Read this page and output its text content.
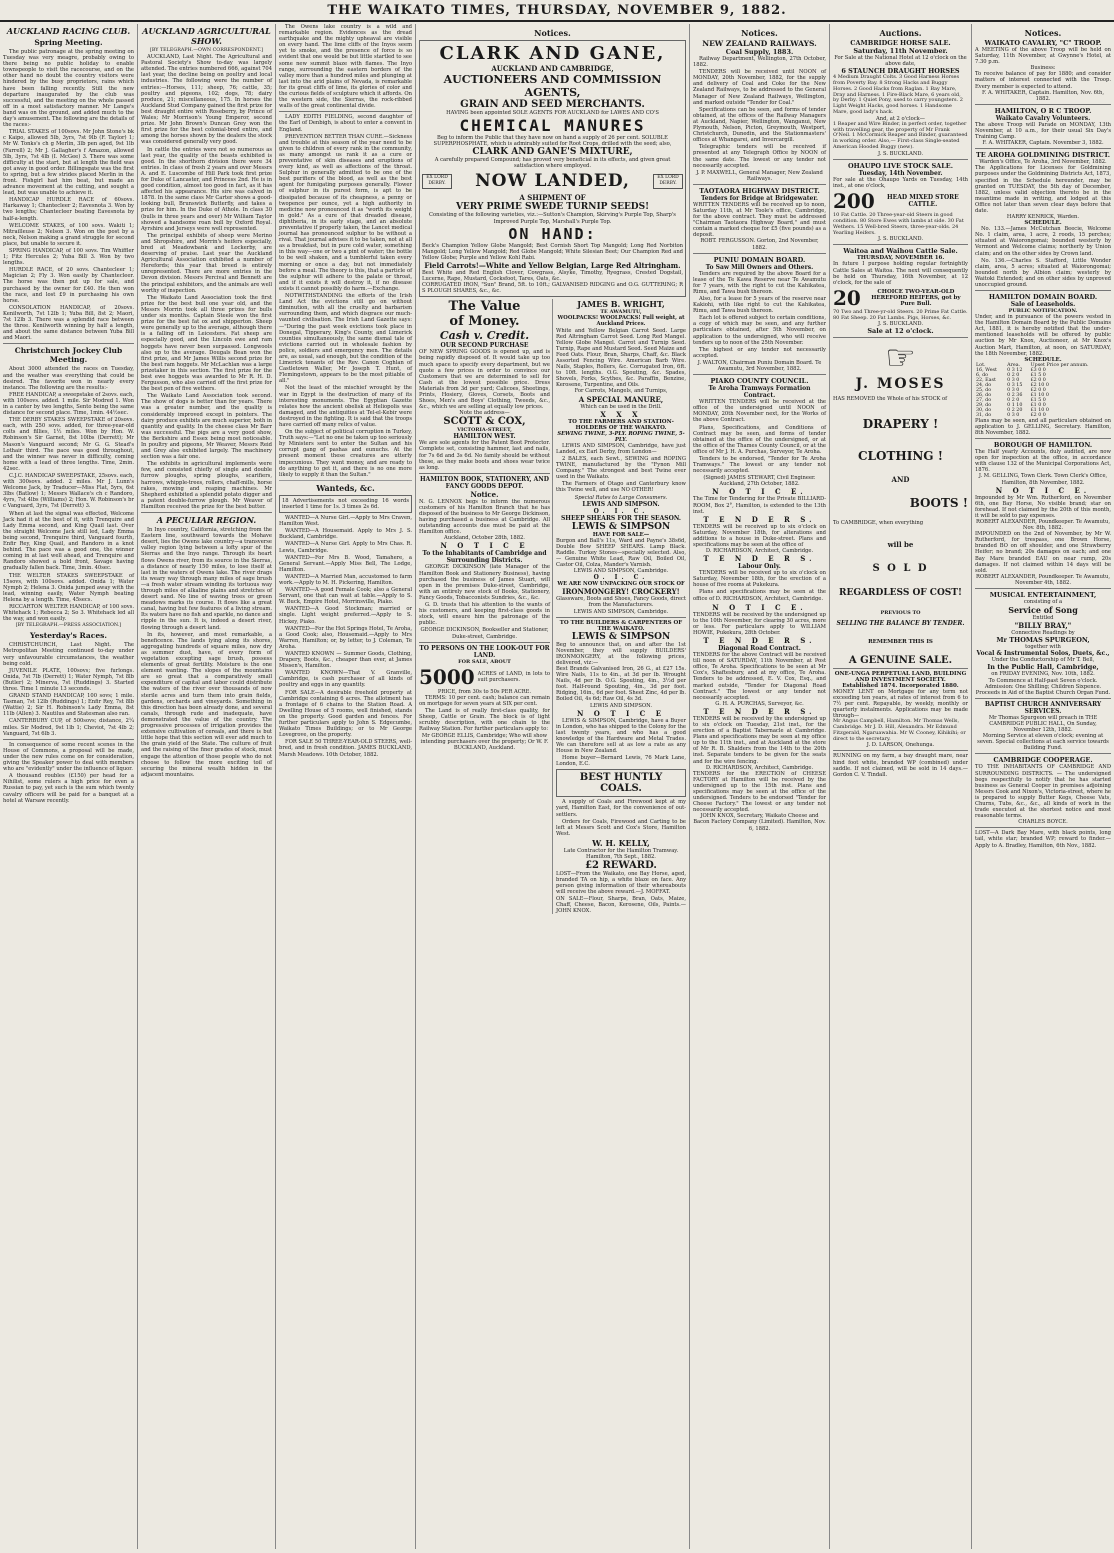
THE WAIKATO TIMES, THURSDAY, NOVEMBER 9, 1882.
AUCKLAND RACING CLUB.
Spring Meeting.

The public patronage at the spring meeting on Tuesday was very meagre, probably owing to there being no public holiday to enable townspeople to visit the racecourse, and on the other hand no doubt the country visitors were hindered by the busy proprietors, rains which have been falling recently. Still the new departure inaugurated by the club was successful, and the meeting on the whole passed off in a most satisfactory manner. Mr Lange's band was on the ground, and added much to the day's amusement. The following are the details of the races:-

TRIAL STAKES of 100sovs. Mr John Stone's bk c Kaipo, allowed 5lb, 3yrs, 7st 9lb (F. Taylor) 1; Mr W. Tonks's ch g Merlin, 3lb pen aged, 9st 1lb (Farrell) 2; Mr J. Gallagher's f Amazon, allowed 5lb, 3yrs, 7st 4lb (I. McGee) 3. There was some difficulty at the start, but at length the field was got away in good order. Billingsgate was the first to spring, but a few strides placed Merlin in the front. Fishgirl had him beat, but made an advance movement at the cutting, and sought a lead, but was unable to achieve it.

HANDICAP HURDLE RACE of 60sovs. Harkaway 1; Chantecleer 2; Eavesnota 3. Won by two lengths; Chantecleer beating Eavesnota by half-a-length.

WELCOME STAKES, of 100 sovs. Wakiti 1; Mitrailleuse 2; Nelson 3. Won on the post by a neck, Nelson making a grand struggle for second place, but unable to secure it.

SPRING HANDICAP, of 100 sovs. Tim Whiffler 1; Fitz Hercules 2; Yuba Bill 3. Won by two lengths.

HURDLE RACE, of 20 sovs. Chantecleer 1; Magician 2; Fly 3. Won easily by Chantecleer. The horse was then put up for sale, and purchased by the owner for £40. He then won the race, and lost £9 in purchasing his own horse.

CONSOLATION HANDICAP, of 20sovs. Kenilworth, 7st 12lb 1; Yuba Bill, 8st 2; Maori, 7st 12lb 3. There was a splendid race between the three. Kenilworth winning by half a length, and about the same distance between Yuba Bill and Maori.

Christchurch Jockey Club Meeting.

About 3000 attended the races on Tuesday, and the weather was everything that could be desired. The favorite won in nearly every instance. The following are the results:-

FREE HANDICAP, a sweepstake of 2sovs. each, with 100sovs. added. 1 mile. Sir Modred 1. Won in a canter by two lengths, Sento being the same distance for second place. Time, 1min. 44½sec.

THE DERBY STAKES SWEEPSTAKE of 20sovs. each, with 250 sovs. added, for three-year-old colts and fillies, 1½ miles. Won by Hon. W. Robinson's Sir Garnet, 8st 10lbs (Derrett); Mr Mason's Vanguard second; Mr G. G. Stead's Lothair third. The pace was good throughout, and the winner was never in difficulty, coming home with a lead of three lengths. Time, 2min. 42sec.

C.J.C. HANDICAP SWEEPSTAKE, 25sovs. each, with 300sovs. added. 2 miles. Mr J. Lunn's Welcome Jack, by Traducer—Miss Flat, 5yrs, 6st 3lbs (Batlow) 1; Messrs Wallace's ch c Randoro, 4yrs, 7st 4lbs (Williams) 2; Hon. W. Robinson's br c Vanguard, 3yrs, 7st (Derrett) 3.

When at last the signal was effected, Welcome Jack had it at the best of it, with Trenquire and Lady Emma second, and King Quail last. Over the straight Welcome Jack still led, Lady Emma being second, Trenquire third, Vanguard fourth, Enfir Rey, King Quail, and Randoro in a knot behind. The pace was a good one, the winner coming in at last well ahead, and Trenquire and Randoro showed a bold front, Savage having gradually fallen back. Time, 3min. 40sec.

THE WELTER STAKES SWEEPSTAKE of 15sovs, with 100sovs. added. Onida 1; Water Nymph 2; Helena 3. Onida jumped away with the lead, winning easily, Water Nymph beating Helena by a length. Time, 45secs.

RICCARTON WELTER HANDICAP, of 100 sovs. Whitehack 1; Rebecca 2; So 3. Whitehack led all the way, and won easily.

[BY TELEGRAPH.—PRESS ASSOCIATION.]
Yesterday's Races.

CHRISTCHURCH, Last Night. The Metropolitan Meeting continued to-day under very unfavourable circumstances, the weather being cold.

JUVENILE PLATE, 100sovs; five furlongs. Onida, 7st 7lb (Derrett) 1; Water Nymph, 7st 8lb (Butler) 2; Minerva, 7st (Ruddings) 3. Started three. Time 1 minute 13 seconds.

GRAND STAND HANDICAP, 100 sovs; 1 mile. Tasman, 7st 12lb (Ruddings) 1; Enfir Rey, 7st 8lb (Wattie) 2; Sir H. Robinson's Lady Emma, 8st 11lb (Allen) 3. Nautilus and Statesman also ran.

CANTERBURY CUP, of 500sovs; distance, 2¼ miles. Sir Modred, 9st 1lb 1; Cheviot, 7st 4lb 2; Vanguard, 7st 6lb 3.

In consequence of some recent scenes in the House of Commons, a proposal will be made, under the new rules come on for consideration, giving the Speaker power to deal with members who are "evidently" under the influence of liquor.

A thousand roubles (£150) per head for a Nihilist, some rulers a high price for even a Russian to pay, yet such is the sum which twenty cavalry officers will be paid for a banquet at a hotel at Warsaw recently.

AUCKLAND AGRICULTURAL SHOW.
[BY TELEGRAPH.—OWN CORRESPONDENT.]

AUCKLAND, Last Night. The Agricultural and Pastoral Society's Show to-day was largely attended. The entries numbered 666, against 704 last year, the decline being on poultry and local industries. The following were the number of entries:—Horses, 111; sheep, 76; cattle, 35; poultry and pigeons, 102; dogs, 78; dairy produce, 21; miscellaneous, 175. In horses the Auckland Stud Company gained the first prize for best draught entire with Roseberry, by Prince of Wales; Mr Morrison's Young Emperor, second prize. Mr John Brown's Duncan Grey won the first prize for the best colonial-bred entire, and among the horses shown by the dealers the stock was considered generally very good.

In cattle the entries were not so numerous as last year, the quality of the beasts exhibited is good. In the shorthorn division there were 34 entries. In class of fresh 2 years and over Messrs A. and E. Luscombe of Hill Park took first prize for Duke of Lancaster, and Princess 2nd. He is in good condition, almost too good in fact, as it has affected his appearance. His sire was calved in 1878. In the same class Mr Carter shows a good-looking bull, Brunswick Butterfly, and takes a prize for him. In the Duke of Athole. In class 30 (bulls in three years and over) Mr William Taylor showed a handsome roan bull by Oxford Royal. Ayrshire and Jerseys were well represented.

The principal exhibits of sheep were Merino and Shropshire, and Morrin's heifers especially, bred at Meadowbank and Lockerby, are deserving of praise. Last year the Auckland Agricultural Association exhibited a number of Herefords; this year that breed is entirely unrepresented. There are more entries in the Devon division. Messrs Percival and Bennett are the principal exhibitors, and the animals are well worthy of inspection.

The Waikato Land Association took the first prize for the best bull one year old, and the Messrs Morrin took all three prizes for bulls under six months. Captain Steele won the first prize for the best fat ox and shipperton. Sheep were generally up to the average, although there is a falling off in Leicesters. Fat sheep are especially good, and the Lincoln ewe and ram hoggets have never been surpassed. Longwools also up to the average. Dougals Bean won the first prize, and Mr James Willis second prize for the best ram hoggets. Mr McLachlan was a large prizetaker in this section. The first prize for the best ewe hoggets was awarded to Mr R. H. D. Fergusson, who also carried off the first prize for the best pen of five wethers.

The Waikato Land Association took second. The show of dogs is better than for years. There was a greater number, and the quality is considerably improved except in pointers. The dairy produce exhibits are much superior, both in quantity and quality. In the cheese class Mr Barr was successful. The pigs are a very good show, the Berkshire and Essex being most noticeable. In poultry and pigeons, Mr Weaver, Messrs Reid and Grey also exhibited largely. The machinery section was a fair one.

The exhibits in agricultural implements were few, and consisted chiefly of single and double furrow ploughs, spring ploughs, scarifiers, harrows, whipple-trees, rollers, chaff-mills, horse rakes, mowing and reaping machines. Mr Shepherd exhibited a splendid potato digger and a patent double-furrow plough. Mr Weaver of Hamilton received the prize for the best butter.

A PECULIAR REGION.

In Inyo country, California, stretching from the Eastern line, southward towards the Mohave desert, lies the Owens lake country—a transverse valley region lying between a lofty spur of the Sierras and the Inyo range. Through its heart flows Owens river, from its source in the Sierras, a distance of nearly 150 miles, to lose itself at last in the waters of Owens lake. The river drags its weary way through many miles of sage brush—a fresh water stream winding its tortuous way through miles of alkaline plains and stretches of desert sand. No line of waving trees or green meadows marks its course. It flows like a great canal, having but few features of a living stream. Its waters have no fish and sparkle, no dance and ripple in the sun. It is, indeed a desert river, flowing through a desert land.

In its, however, and most remarkable, a beneficence. The lands lying along its shores, aggregating hundreds of square miles, now dry as summer dust, have, of every form of vegetation excepting sage brush, possess elements of great fertility. Moisture is the one element wanting. The slopes of the mountains are so great that a comparatively small expenditure of capital and labor could distribute the waters of the river over thousands of now sterile acres and turn them into grain fields, gardens, orchards and vineyards. Something in this direction has been already done, and several canals, through rude and inadequate, have demonstrated the value of the country. The progressive processes of irrigation provides the extensive cultivation of cereals, and there is but little hope that this section will ever add much to the grain yield of the State. The culture of fruit and the raising of the finer grades of stock, must engage the attention of those people who do not choose to follow the more exciting toil of securing the mineral wealth hidden in the adjacent mountains.

The Owens lake country is a wild and remarkable region. Evidences as the dread earthquake and the mighty upheaval are visible on every hand. The lime cliffs of the Inyos seem yet to smoke, and the presence of force is so evident that one would be but little startled to see some new summit blaze with flames. The Inyo range, surrounding the eastern borders of the valley more than a hundred miles and plunging at last into the arid plains of Nevada, is remarkable for its great cliffs of lime, its glories of color and the curious fields of sculpture which it affords. On the western side, the Sierras, the rock-ribbed walls of the great continental divide.

LADY EDITH FIELDING, second daughter of the Earl of Denbigh, is about to enter a convent in England.

PREVENTION BETTER THAN CURE.—Sickness and trouble at this season of the year need to be given to children of every rank in the community, as many amongst us rank it as a cure or preventative of skin diseases and eruptions of every kind, as well as affections of the throat. Sulphur in generally admitted to be one of the best purifiers of the blood, as well as the best agent for fumigating purposes generally. Flower of sulphur in its purest form, is apt to be dissipated because of its cheapness, a penny or twopence per ounce, yet a high authority in medicine now pronounced it as "worth its weight in gold." As a cure of that dreaded disease, diphtheria, in its early stage, and an absolute preventative if properly taken, the Lancet medical journal has pronounced sulphur to be without a rival. That journal advises it to be taken, not at all as a breakfast, but in pure cold water, something in this way—one or two a pint of water; the bottle to be well shaken, and a tumblerful taken every morning or once a day, but not immediately before a meal. The theory is this, that a particle of the sulphur will adhere to the palate or throat, and if it exists it will destroy it, if no disease exists it cannot possibly do harm.—Exchange.

NOTWITHSTANDING the efforts of the Irish Land Act the evictions still go on without diminution, with all the cruelty and barbarism surrounding them, and which disgrace our much-vaunted civilisation. The Irish Land Gazette says:—"During the past week evictions took place in Donegal, Tipperary, King's County, and Limerick counties simultaneously, the same dismal tale of evictions carried out in wholesale fashion by police, soldiers and emergency men. The details are, as usual, sad enough, but the condition of the Limerick tenants of the Rev. Canon Coghlan of Castletown Waller, Mr Joseph T. Hunt, of Flemingstown, appears to be the most pitiable of all."

Not the least of the mischief wrought by the war in Egypt is the destruction of many of its interesting monuments. The Egyptian Gazette relates how the ancient obelisk at Heliopolis was damaged, and the antiquities at Tel-el-Kebir were destroyed in the fighting. It is said that the troops have carried off many relics of value.

On the subject of political corruption in Turkey, Truth says:—"Let no one be taken up too seriously by Ministers sent to enter the Sultan and his corrupt gang of pashas and eunuchs. At the present moment these creatures are utterly impecunious. They want money, and are ready to do anything to get it, and there is no one more likely to supply it than the Sultan."

Wanteds, &c.
18 Advertisements not exceeding 16 words inserted 1 time for 1s. 3 times 2s 6d.

WANTED—A Nurse Girl.—Apply to Mrs Craven, Hamilton West.

WANTED—A Housemaid. Apply to Mrs J. S. Buckland, Cambridge.

WANTED—A Nurse Girl. Apply to Mrs Chas. R. Lewis, Cambridge.

WANTED—For Mrs B. Wood, Tamahere, a General Servant.—Apply Miss Bell, The Lodge, Hamilton.

WANTED—A Married Man, accustomed to farm work.—Apply to M. H. Pickering, Hamilton.

WANTED—A good Female Cook; also a General Servant, one that can wait at table.—Apply to S. W. Buck, Empire Hotel, Morrinsville, Piako.

WANTED—A Good Stockman; married or single. Light weight preferred.—Apply to S. Hickey, Piako.

WANTED—For the Hot Springs Hotel, Te Aroha, a Good Cook; also, Housemaid.—Apply to Mrs Warren, Hamilton; or, by letter, to J. Coleman, Te Aroha.

WANTED KNOWN — Summer Goods, Clothing, Drapery, Boots, &c., cheaper than ever, at James Missen's, Hamilton.

WANTED KNOWN—That V. Granville, Cambridge, is cash purchaser of all kinds of poultry and eggs in any quantity.

FOR SALE—A desirable freehold property at Cambridge containing 6 acres. The allotment has a frontage of 6 chains to the Station Road. A Dwelling House of 5 rooms, well finished, stands on the property. Good garden and fences. For further particulars apply to John S. Edgecumbe, Waikato Times Buildings; or to Mr George Lovegrove, on the property.

FOR SALE 50 THREE-YEAR-OLD STEERS, well-bred, and in fresh condition. JAMES BUCKLAND, Marsh Meadows. 10th October, 1882.

Notices.
CLARK AND GANE,
AUCKLAND AND CAMBRIDGE,
AUCTIONEERS AND COMMISSION AGENTS,
GRAIN AND SEED MERCHANTS.
HAVING been appointed SOLE AGENTS FOR AUCKLAND for LAWES AND CO'S
CHEMICAL MANURES
Beg to inform the Public that they have now on hand a supply of 26 per cent. SOLUBLE SUPERPHOSPHATE, which is admirably suited for Root Crops, drilled with the seed; also,
CLARK AND GANE'S MIXTURE,
A carefully prepared Compound; has proved very beneficial in its effects, and given great satisfaction where employed.
EX LORD DERBY.	NOW LANDED,	EX LORD DERBY.
A SHIPMENT OF
VERY PRIME SWEDE TURNIP SEEDS!
Consisting of the following varieties, viz.:—Sutton's Champion, Skirving's Purple Top, Sharp's Improved Purple Top, Marshall's Purple Top.
ON HAND:
Beck's Champion Yellow Globe Mangold; Best Cornish Short Top Mangold; Long Red Norbiton Mangold; Long Yellow Mangold; Red Globe Mangold; White Silesian Beet; Our Champion Red and Yellow Globe; Purple and Yellow Kohl Rabi.
Field Carrots!—White and Yellow Belgian, Large Red Altringham.
Best White and Red English Clover, Cowgrass, Alsyke, Timothy, Ryegrass, Crested Dogstail, Lucerne, Rape, Mustard, Cocksfoot, Tares, Oats, &c.
CORRUGATED IRON, "Sun" Brand, 5ft. to 10ft.; GALVANISED RIDGING and O.G. GUTTERING; R S PLOUGH SHARES, &c., &c.
The Value
of Money.
Cash v. Credit.
OUR SECOND PURCHASE
OF NEW SPRING GOODS is opened up, and is being rapidly disposed of. It would take up too much space to specify every department, but we quote a few prices in order to convince our Customers that we are determined to sell for Cash at the lowest possible price. Dress Materials from 3d per yard; Calicoes, Sheetings, Prints, Hosiery, Gloves, Corsets, Boots and Shoes, Men's and Boys' Clothing, Tweeds, &c., &c., which we are selling at equally low prices.
Note the address—
SCOTT & COX,
VICTORIA-STREET,
HAMILTON WEST.
We are sole agents for the Patent Boot Protector. Complete set, consisting hammer, last and nails, for 7s 6d and 3s 6d. No family should be without these, as they make boots and shoes wear twice as long.
HAMILTON BOOK, STATIONERY, AND FANCY GOODS DEPOT.
Notice.
N. G. LENNOX begs to inform the numerous customers of his Hamilton Branch that he has disposed of the business to Mr George Dickinson, having purchased a business at Cambridge. All outstanding accounts due must be paid at the Hamilton office.
Auckland, October 28th, 1882.
N O T I C E
To the Inhabitants of Cambridge and Surrounding Districts.

GEORGE DICKINSON (late Manager of the Hamilton Book and Stationery Business), having purchased the business of James Stuart, will open in the premises Duke-street, Cambridge, with an entirely new stock of Books, Stationery, Fancy Goods, Tobacconists Sundries, &c., &c.

G. D. trusts that his attention to the wants of his customers, and keeping first-class goods in stock, will ensure him the patronage of the public.

GEORGE DICKINSON, Bookseller and Stationer, Duke-street, Cambridge.
TO PERSONS ON THE LOOK-OUT FOR LAND.
FOR SALE, ABOUT
5000 ACRES of LAND, in lots to suit purchasers.
PRICE, from 30s to 50s PER ACRE.

TERMS: 10 per cent. cash; balance can remain on mortgage for seven years at SIX per cent.

The Land is of really first-class quality, for Sheep, Cattle or Grain. The block is of light scrubby description, with one chain to the Railway Station. For further particulars apply to:

Mr GEORGE ELLIS, Cambridge; Who will show intending purchasers over the property; Or W. F. BUCKLAND, Auckland.
JAMES B. WRIGHT,
TE AWAMUTU,
WOOLPACKS! WOOLPACKS! Full weight, at Auckland Prices.
White and Yellow Belgian Carrot Seed. Large Red Altringham Carrot Seed. Long Red Mangel. Yellow Globe Mangel. Carrot and Turnip Seed. Turnip, Rape and Mustard Seed. Seed Maize and Feed Oats. Flour, Bran, Sharps, Chaff, &c. Black Assorted Fencing Wire. American Barb Wire. Nails, Staples, Rollers, &c. Corrugated Iron, 6ft. to 10ft. lengths. O.G. Spouting, &c. Spades, Shovels, Forks, Scythes, &c. Paraffin, Benzine, Kerosene, Turpentine, and Oils.
For Carrots, Mangels, and Turnips,
A SPECIAL MANURE,
Which can be used in the Drill.
X X X
TO THE FARMERS AND STATION-HOLDERS OF THE WAIKATO.
SEWING TWINE, 3-PLY. ROPING TWINE, 5-PLY.

LEWIS AND SIMPSON, Cambridge, have just Landed, ex Earl Derby, from London—

2 BALES, each Sewt., SEWING and ROPING TWINE, manufactured by the "Fynon Mill Company." The strongest and best Twine ever used in the Waikato.

The Farmers of Otago and Canterbury know this Twine well, and use NO OTHER!

Special Rates to Large Consumers.
LEWIS AND SIMPSON.
O. I. C.
SHEEP SHEARS FOR THE SEASON.
LEWIS & SIMPSON
HAVE FOR SALE—
Burgon and Ball's 11s, Ward and Payne's 38s6d, Double Bow SHEEP SHEARS. Lamp Black. Raddle. Turkey Stones—specially selected. Also,— Genuine White Lead, Raw Oil, Boiled Oil, Castor Oil, Colza, Mander's Varnish.
LEWIS AND SIMPSON, Cambridge.
O. I. C.
WE ARE NOW UNPACKING OUR STOCK OF
IRONMONGERY! CROCKERY!
Glassware, Boots and Shoes, Fancy Goods, direct from the Manufacturers.
LEWIS AND SIMPSON, Cambridge.
TO THE BUILDERS & CARPENTERS OF THE WAIKATO.
LEWIS & SIMPSON
Beg to announce that, on and after the 1st November, they will supply BUILDERS' IRONMONGERY, at the following prices, delivered, viz:—
Best Brands Galvanised Iron, 26 G., at £27 15s. Wire Nails, 11s to 4in., at 3d per lb. Wrought Nails, 4d per lb. O.G. Spouting, 4in., 3½d per foot. Half-round Spouting, 4in., 3d per foot. Ridging, 16in., 6d per foot. Sheet Zinc, 4d per lb. Boiled Oil, 4s 6d; Raw Oil, 4s 3d.
LEWIS AND SIMPSON.
N O T I C E

LEWIS & SIMPSON, Cambridge, have a Buyer in London, who has shipped to the Colony for the last twenty years, and who has a good knowledge of the Hardware and Metal Trades. We can therefore sell at as low a rate as any House in New Zealand.

Home buyer—Bernard Lewis, 76 Mark Lane, London, E.C.

BEST HUNTLY COALS.

A supply of Coals and Firewood kept at my yard, Hamilton East, for the convenience of out-settlers.

Orders for Coals, Firewood and Carting to be left at Messrs Scott and Cox's Store, Hamilton West.

W. H. KELLY,
Late Contractor for the Hamilton Tramway. Hamilton, 7th Sept., 1882.
£2 REWARD.
LOST—From the Waikato, one Bay Horse, aged, branded TA on hip, a white blaze on face. Any person giving information of their whereabouts will receive the above reward.—J. MOFFAT.
ON SALE—Flour, Sharps, Bran, Oats, Maize, Chaff, Cheese, Bacon, Kerosene, Oils, Paints.—JOHN KNOX.
Notices.
NEW ZEALAND RAILWAYS.
Coal Supply, 1883.

Railway Department, Wellington, 27th October, 1882.

TENDERS will be received until NOON of MONDAY, 20th November, 1882, for the supply and delivery of Coal and Coke for the New Zealand Railways, to be addressed to the General Manager of New Zealand Railways, Wellington, and marked outside "Tender for Coal."

Specifications can be seen, and forms of tender obtained, at the offices of the Railway Managers at Auckland, Napier, Wellington, Wanganui, New Plymouth, Nelson, Picton, Greymouth, Westport, Christchurch, Dunedin, and the Stationmasters' offices at Whangarei, and Invercargill.

Telegraphic tenders will be received if presented at any Telegraph Office by NOON of the same date. The lowest or any tender not necessarily accepted.

J. P. MAXWELL, General Manager, New Zealand Railways.
TAOTAORA HIGHWAY DISTRICT.
Tenders for Bridge at Bridgewater.
WRITTEN TENDERS will be received up to noon, Saturday 11th, at Mr Toole's office, Cambridge, for the above contract. They must be addressed "Chairman Taotaora Highway Board," and must contain a marked cheque for £5 (five pounds) as a deposit.
ROBT. FERGUSSON. Gorton, 2nd November, 1882.
PUNIU DOMAIN BOARD.
To Saw Mill Owners and Others.

Tenders are required by the above Board for a lease of the Te Kawa Reserve near Te Awamutu for 7 years, with the right to cut the Kahikatea, Rimu, and Tawa bush thereon.

Also, for a lease for 5 years of the reserve near Kakiohi, with like right to cut the Kahikatea, Rimu, and Tawa bush thereon.

Each lot is offered subject to certain conditions, a copy of which may be seen, and any further particulars obtained, after 5th November, on application to the undersigned, who will receive tenders up to noon of the 25th November.

The highest or any tender not necessarily accepted.

J. WALTON, Chairman Puniu Domain Board. Te Awamutu, 3rd November, 1882.
PIAKO COUNTY COUNCIL.
Te Aroha Tramways Formation Contract.

WRITTEN TENDERS will be received at the office of the undersigned until NOON of MONDAY, 20th November next, for the Works of the above Contract.

Plans, Specifications, and Conditions of Contract may be seen, and forms of tender obtained at the office of the undersigned, or at the office of the Thames County Council, or at the office of Mr J. H. A. Purchas, Surveyor, Te Aroha.

Tenders to be endorsed, "Tender for Te Aroha Tramways." The lowest or any tender not necessarily accepted.

(Signed) JAMES STEWART, Civil Engineer. Auckland, 27th October, 1882.
N O T I C E.
The Time for Tendering for the Private BILLIARD-ROOM, Box 2°, Hamilton, is extended to the 13th inst.
T E N D E R S.
TENDERS will be received up to six o'clock on Saturday, November 18th, for alterations and additions to a house in Duke-street. Plans and specifications may be seen at the office of
D. RICHARDSON, Architect, Cambridge.
T E N D E R S.
Labour Only.

TENDERS will be received up to six o'clock on Saturday, November 18th, for the erection of a house of five rooms at Pukekura.

Plans and specifications may be seen at the office of D. RICHARDSON, Architect, Cambridge.

N O T I C E.
TENDERS will be received by the undersigned up to the 10th November, for clearing 30 acres, more or less. For particulars apply to WILLIAM HOWIE, Pukekura, 28th October.
T E N D E R S.
Diagonal Road Contract.
TENDERS for the above Contract will be received till noon of SATURDAY, 11th November, at Post office, Te Aroha. Specifications to be seen at Mr Cox's, Shaftesbury, and at my office, Te Aroha. Tenders to be addressed, E. V. Cox, Esq., and marked outside, "Tender for Diagonal Road Contract." The lowest or any tender not necessarily accepted.
G. H. A. PURCHAS, Surveyor, &c.
T E N D E R S.
TENDERS will be received by the undersigned up to six o'clock on Tuesday, 21st inst., for the erection of a Baptist Tabernacle at Cambridge. Plans and specifications may be seen at my office up to the 11th inst., and at Auckland at the store of Mr R. B. Shalders from the 14th to the 20th inst. Separate tenders to be given for the seats and for the wire fencing.
D. RICHARDSON, Architect, Cambridge.
TENDERS for the ERECTION of CHEESE FACTORY at Hamilton will be received by the undersigned up to the 15th inst. Plans and specifications may be seen at the office of the undersigned. Tenders to be endorsed "Tender for Cheese Factory." The lowest or any tender not necessarily accepted.
JOHN KNOX, Secretary, Waikato Cheese and Bacon Factory Company (Limited). Hamilton, Nov. 6, 1882.
Auctions.
CAMBRIDGE HORSE SALE.
Saturday, 11th November.
For Sale at the National Hotel at 12 o'clock on the above date,
6 STAUNCH DRAUGHT HORSES
4 Medium Draught Colts. 3 Good Harness Horses from Poverty Bay. 8 Strong Hacks and Buggy Horses. 2 Good Hacks from Raglan. 1 Bay Mare, Dray and Harness. 1 Fire-Black Mare, 6 years old, by Derby. 1 Quiet Pony, used to carry youngsters. 2 Light Weight Hacks, good horses. 1 Handsome Mare, good lady's hack.
And, at 2 o'clock—
1 Reaper and Wire Binder, in perfect order, together with travelling gear, the property of Mr Frank O'Neil. 1 McCormick Reaper and Binder, guaranteed in working order. Also,— First-class Single-seated American Hooded Buggy (new).
J. S. BUCKLAND.
OHAUPO LIVE STOCK SALE.
Tuesday, 14th November.
For sale at the Ohaupo Yards on Tuesday, 14th inst., at one o'clock,
200	HEAD MIXED STORE CATTLE.
10 Fat Cattle. 20 Three-year-old Steers in good condition. 80 Store Ewes with lambs at side. 30 Fat Wethers. 15 Well-bred Steers, three-year-olds. 24 Yearling Heifers.
J. S. BUCKLAND.
Waitoa and Waihou Cattle Sale.
THURSDAY, NOVEMBER 16.
In future I purpose holding regular fortnightly Cattle Sales at Waitoa. The next will consequently be held on Thursday, 16th November, at 12 o'clock, for the sale of
20	CHOICE TWO-YEAR-OLD HEREFORD HEIFERS, got by Pure Bull.
70 Two and Three-yr-old Steers. 20 Prime Fat Cattle. 80 Fat Sheep. 20 Fat Lambs. Pigs, Horses, &c.
J. S. BUCKLAND.
Sale at 12 o'clock.
☞
J. MOSES
HAS REMOVED the Whole of his STOCK of
DRAPERY !
CLOTHING !
AND
BOOTS !
To CAMBRIDGE, when everything
will be
S O L D
REGARDLESS OF COST!
PREVIOUS TO
SELLING THE BALANCE BY TENDER.
REMEMBER THIS IS
A GENUINE SALE.
ONE-UNGA PERPETUAL LAND, BUILDING AND INVESTMENT SOCIETY.
Established 1874. Incorporated 1880.
MONEY LENT on Mortgage for any term not exceeding ten years, at rates of interest from 6 to 7½ per cent. Repayable, by weekly, monthly or quarterly instalments. Applications may be made through—
Mr Angus Campbell, Hamilton. Mr Thomas Wells, Cambridge. Mr J. D. Hill, Alexandra. Mr Edmund Fitzgerald, Ngaruawahia. Mr W. Cooney, Kihikihi; or direct to the secretary.
J. D. LARSON, Onehunga.
RUNNING on my farm, a bay draught mare, near hind foot white, branded WP (combined) under saddle. If not claimed, will be sold in 14 days.—Gordon C. V. Tindall.
Notices.
WAIKATO CAVALRY, "C" TROOP.
A MEETING of the above Troop will be held on Saturday, 11th November, at Gwynne's Hotel, at 7.30 p.m.
Business:
To receive balance of pay for 1880; and consider matters of interest connected with the Troop. Every member is expected to attend.
F. A. WHITAKER, Captain. Hamilton, Nov. 6th, 1882.
HAMILTON, O R C TROOP.
Waikato Cavalry Volunteers.
The above Troop will Parade on MONDAY, 13th November, at 10 a.m., for their usual Six Day's Training Camp.
F. A. WHITAKER, Captain. November 3, 1882.
TE AROHA GOLDMINING DISTRICT.
Warden's Office, Te Aroha, 3rd November, 1882.
The Applications for Licenses for Goldmining purposes under the Goldmining Districts Act, 1873, specified in the Schedule hereunder, may be granted on TUESDAY, the 5th day of December, 1882, unless valid objection thereto be in the meantime made in writing, and lodged at this Office not later than seven clear days before that date.
HARRY KENRICK, Warden.
SCHEDULE.

No. 133.—James McCutchan Beecie, Welcome No. 1 claim, area, 1 acre, 2 roods, 15 perches; situated at Waiorongomai; bounded westerly by Vermont and Welcome claims; northerly by Union claim; and on the other sides by Crown land.

No. 136.—Charles S. Stafford, Little Wonder claim, area, 5 acres; situated at Waiorongomai; bounded north by Albion claim; westerly by Waitoki Extended; and on other sides by unproved unoccupied ground.

HAMILTON DOMAIN BOARD.
Sale of Leaseholds.
PUBLIC NOTIFICATION.
Under, and in pursuance of the powers vested in the Hamilton Domain Board by the Public Domains Act, 1881, it is hereby notified that the under-mentioned leaseholds will be offered by public auction by Mr Knox, Auctioneer, at Mr Knox's Auction Mart, Hamilton, at noon, on SATURDAY, the 18th November, 1882.
SCHEDULE.
Lot.	Area.	Upset Price per annum.
16, West	0 3 12	£3 0 0
6, do	0 2 0	£1 5 0
22, East	0 3 0	£2 0 0
24, do	0 3 15	£2 10 0
25, do	0 3 0	£2 0 0
26, do	0 2 36	£1 10 0
27, do	0 2 0	£1 5 0
29, do	0 1 10	£1 0 0
30, do	0 2 20	£1 10 0
31, do	0 3 0	£2 0 0
Plans may be seen, and all particulars obtained on application to J. GELLING, Secretary. Hamilton, 8th November, 1882.
BOROUGH OF HAMILTON.
The Half yearly Accounts, duly audited, are now open for inspection at the office, in accordance with clause 132 of the Municipal Corporations Act, 1876.
J. M. GELLING, Town Clerk. Town Clerk's Office, Hamilton, 8th November, 1882.
N O T I C E.
Impounded by Mr Wm. Rutherford, on November 6th, one Bay Horse, No visible brand; star on forehead. If not claimed by the 20th of this month, it will be sold to pay expenses.
ROBERT ALEXANDER, Poundkeeper. Te Awamutu, Nov. 8th, 1882.
IMPOUNDED on the 2nd of November, by Mr W. Rutherford, for trespass, one Brown Horse, branded BO on off shoulder, and one Strawberry Heifer; no brand; 20s damages on each; and one Bay Mare branded EAU on near rump, 20s damages. If not claimed within 14 days will be sold.
ROBERT ALEXANDER, Poundkeeper. Te Awamutu, November 4th, 1882.
MUSICAL ENTERTAINMENT,
consisting of a
Service of Song
Entitled
"BILLY BRAY,"
Connective Readings by
Mr THOMAS SPURGEON,
together with
Vocal & Instrumental Solos, Duets, &c.,
Under the Conductorship of Mr T. Bell,
In the Public Hall, Cambridge,
on FRIDAY EVENING, Nov. 10th, 1882.
To Commence at Half-past Seven o'clock.
Admission: One Shilling; Children Sixpence.
Proceeds in Aid of the Baptist Church Organ Fund.
BAPTIST CHURCH ANNIVERSARY SERVICES.
Mr Thomas Spurgeon will preach in THE CAMBRIDGE PUBLIC HALL, On Sunday, November 12th, 1882.
Morning Service at eleven o'clock; evening at seven. Special collections at each service towards Building Fund.
CAMBRIDGE COOPERAGE.
TO THE INHABITANTS OF CAMBRIDGE AND SURROUNDING DISTRICTS. — The undersigned begs respectfully to notify that he has started business as General Cooper in premises adjoining Messrs Cook and Nixon's, Victoria-street, where he is prepared to supply Butter Kegs, Cheese Vats, Churns, Tubs, &c., &c., all kinds of work in the trade executed at the shortest notice and most reasonable terms.
CHARLES BOYCE.
LOST—A Dark Bay Mare, with black points, long tail, white star; branded WP; reward to finder.—Apply to A. Bradley, Hamilton, 6th Nov., 1882.
